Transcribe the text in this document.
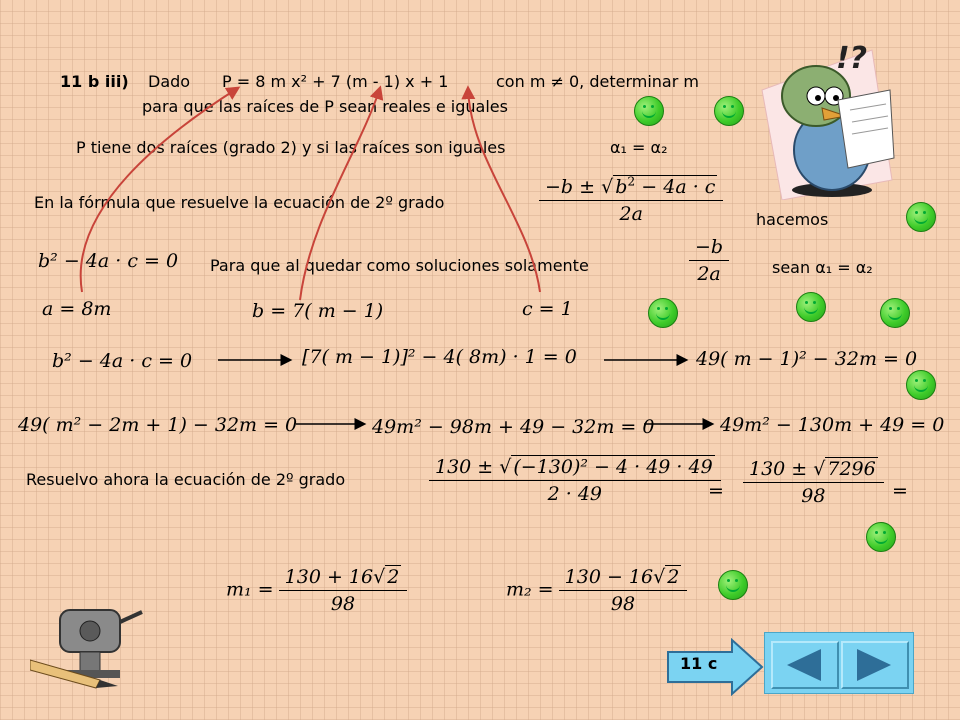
11 b iii) Dado P = 8 m x² + 7 (m - 1) x + 1	con m ≠ 0, determinar m
para que las raíces de P sean reales e iguales
P tiene dos raíces (grado 2) y si las raíces son iguales	α₁ = α₂
En la fórmula que resuelve la ecuación de 2º grado	$\frac{-b \pm √ b^2 - 4a \cdot c}{2a}$ hacemos
b² − 4a · c = 0 Para que al quedar como soluciones solamente	$\frac{-b}{2a}$	sean α₁ = α₂
a = 8m	b = 7( m − 1)	c = 1
b² − 4a · c = 0	[7( m − 1)]² − 4( 8m) · 1 = 0	49( m − 1)² − 32m = 0
49( m² − 2m + 1) − 32m = 0	49m² − 98m + 49 − 32m = 0	49m² − 130m + 49 = 0
Resuelvo ahora la ecuación de 2º grado	$\frac{\text{130 ± √ (−130)² − 4 · 49 · 49}}{2 \cdot 49}$
= $\frac{130 \pm √ 7296}{98}$ =
$m_1 = \frac{130 + 16√ 2}{98}$	$m_2 = \frac{130 - 16√ 2}{98}$
!?
11 c
